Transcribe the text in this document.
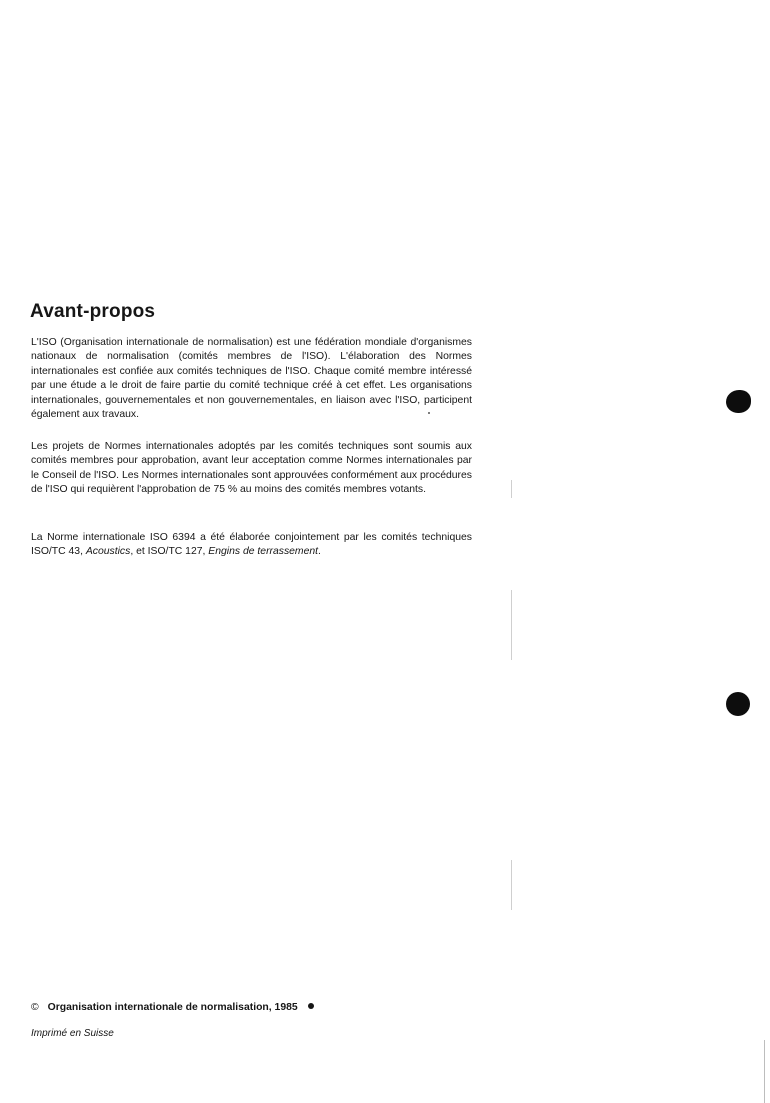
Avant-propos

L'ISO (Organisation internationale de normalisation) est une fédération mondiale d'organismes nationaux de normalisation (comités membres de l'ISO). L'élaboration des Normes internationales est confiée aux comités techniques de l'ISO. Chaque comité membre intéressé par une étude a le droit de faire partie du comité technique créé à cet effet. Les organisations internationales, gouvernementales et non gouvernementales, en liaison avec l'ISO, participent également aux travaux.

Les projets de Normes internationales adoptés par les comités techniques sont soumis aux comités membres pour approbation, avant leur acceptation comme Normes internationales par le Conseil de l'ISO. Les Normes internationales sont approuvées conformément aux procédures de l'ISO qui requièrent l'approbation de 75 % au moins des comités membres votants.

La Norme internationale ISO 6394 a été élaborée conjointement par les comités techniques ISO/TC 43, Acoustics, et ISO/TC 127, Engins de terrassement.

© Organisation internationale de normalisation, 1985
Imprimé en Suisse
